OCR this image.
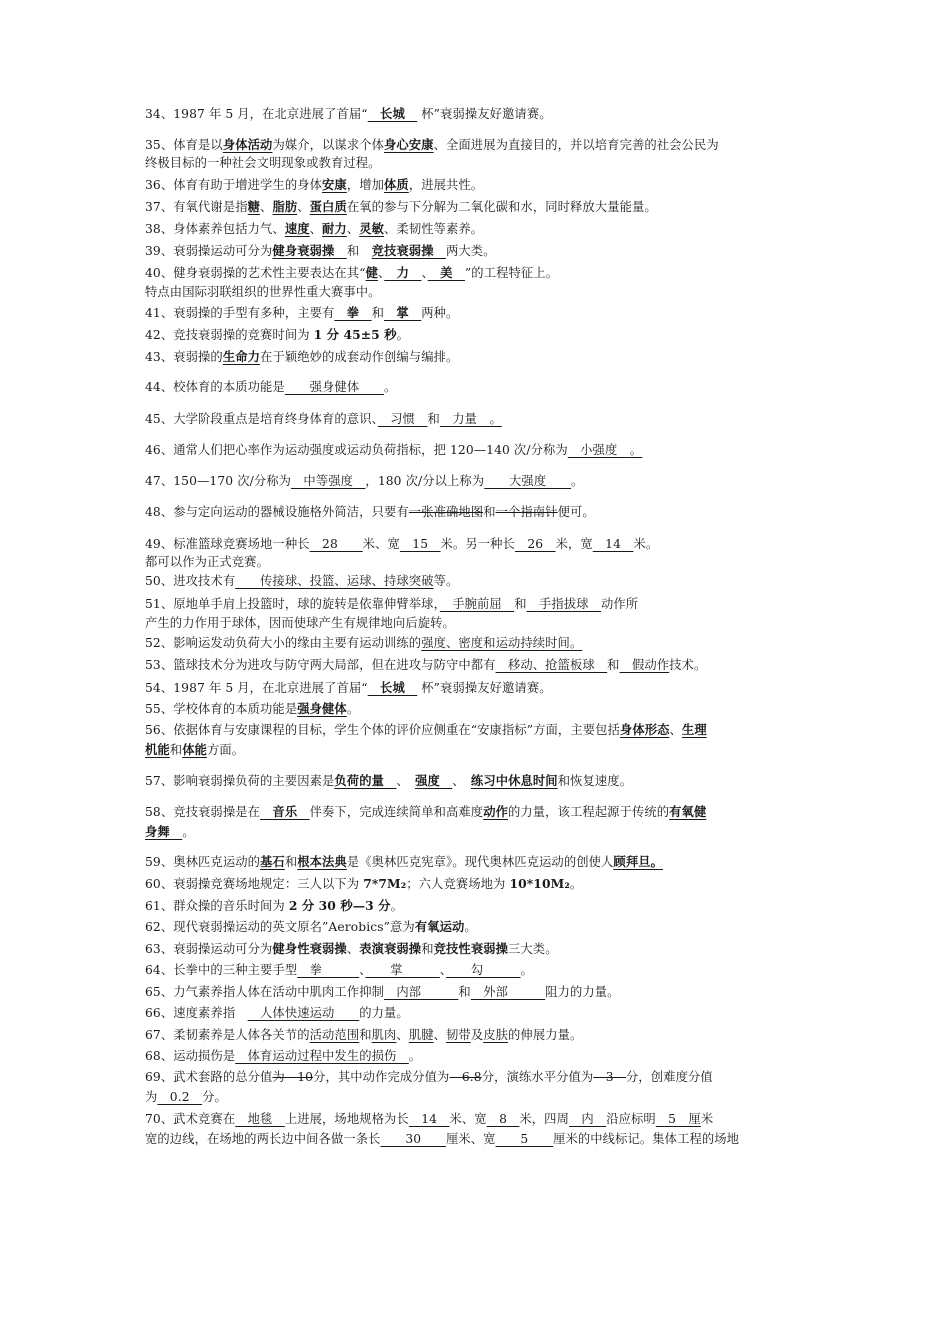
34、1987 年 5 月，在北京进展了首届“　长城　 杯”衰弱操友好邀请赛。
35、体育是以身体活动为媒介，以谋求个体身心安康、全面进展为直接目的，并以培育完善的社会公民为
终极目标的一种社会文明现象或教育过程。
36、体育有助于增进学生的身体安康，增加体质，进展共性。
37、有氧代谢是指糖、脂肪、蛋白质在氧的参与下分解为二氧化碳和水，同时释放大量能量。
38、身体素养包括力气、速度、耐力、灵敏、柔韧性等素养。
39、衰弱操运动可分为健身衰弱操　和　竞技衰弱操　两大类。
40、健身衰弱操的艺术性主要表达在其“健、　力　、　美　”的工程特征上。
特点由国际羽联组织的世界性重大赛事中。
41、衰弱操的手型有多种，主要有　拳　和　掌　两种。
42、竞技衰弱操的竞赛时间为 1 分 45±5 秒。
43、衰弱操的生命力在于颖绝妙的成套动作创编与编排。
44、校体育的本质功能是　　强身健体　　。
45、大学阶段重点是培育终身体育的意识、　习惯　和　力量　。
46、通常人们把心率作为运动强度或运动负荷指标，把 120—140 次/分称为　小强度　。
47、150—170 次/分称为　中等强度　，180 次/分以上称为　　大强度　　。
48、参与定向运动的器械设施格外简洁，只要有一张准确地图和一个指南针便可。
49、标准篮球竞赛场地一种长　28　　米、宽　15　米。另一种长　26　米，宽　14　米。
都可以作为正式竞赛。
50、进攻技术有　　传接球、投篮、运球、持球突破等。
51、原地单手肩上投篮时，球的旋转是依靠伸臂举球，　手腕前屈　和　手指拔球　动作所
产生的力作用于球体，因而使球产生有规律地向后旋转。
52、影响运发动负荷大小的缘由主要有运动训练的强度、密度和运动持续时间。
53、篮球技术分为进攻与防守两大局部，但在进攻与防守中都有　移动、抢篮板球　和　假动作技术。
54、1987 年 5 月，在北京进展了首届“　长城　 杯”衰弱操友好邀请赛。
55、学校体育的本质功能是强身健体。
56、依据体育与安康课程的目标，学生个体的评价应侧重在“安康指标”方面，主要包括身体形态、生理
机能和体能方面。
57、影响衰弱操负荷的主要因素是负荷的量　、　强度　、　练习中休息时间和恢复速度。
58、竞技衰弱操是在　音乐　伴奏下，完成连续简单和高难度动作的力量，该工程起源于传统的有氧健
身舞　。
59、奥林匹克运动的基石和根本法典是《奥林匹克宪章》。现代奥林匹克运动的创使人顾拜旦。
60、衰弱操竞赛场地规定：三人以下为 7*7M₂；六人竞赛场地为 10*10M₂。
61、群众操的音乐时间为 2 分 30 秒—3 分。
62、现代衰弱操运动的英文原名”Aerobics”意为有氧运动。
63、衰弱操运动可分为健身性衰弱操、表演衰弱操和竞技性衰弱操三大类。
64、长拳中的三种主要手型　拳　　　、　　掌　　　、　　勾　　　。
65、力气素养指人体在活动中肌肉工作抑制　内部　　　和　外部　　　阻力的力量。
66、速度素养指　　人体快速运动　　的力量。
67、柔韧素养是人体各关节的活动范围和肌肉、肌腱、韧带及皮肤的伸展力量。
68、运动损伤是　体育运动过程中发生的损伤　。
69、武术套路的总分值为　10分，其中动作完成分值为　6.8分，演练水平分值为　3　分，创难度分值
为　0.2　分。
70、武术竞赛在　地毯　上进展，场地规格为长　14　米、宽　8　米，四周　内　沿应标明　5　厘米
宽的边线，在场地的两长边中间各做一条长　　30　　厘米、宽　　5　　厘米的中线标记。集体工程的场地
